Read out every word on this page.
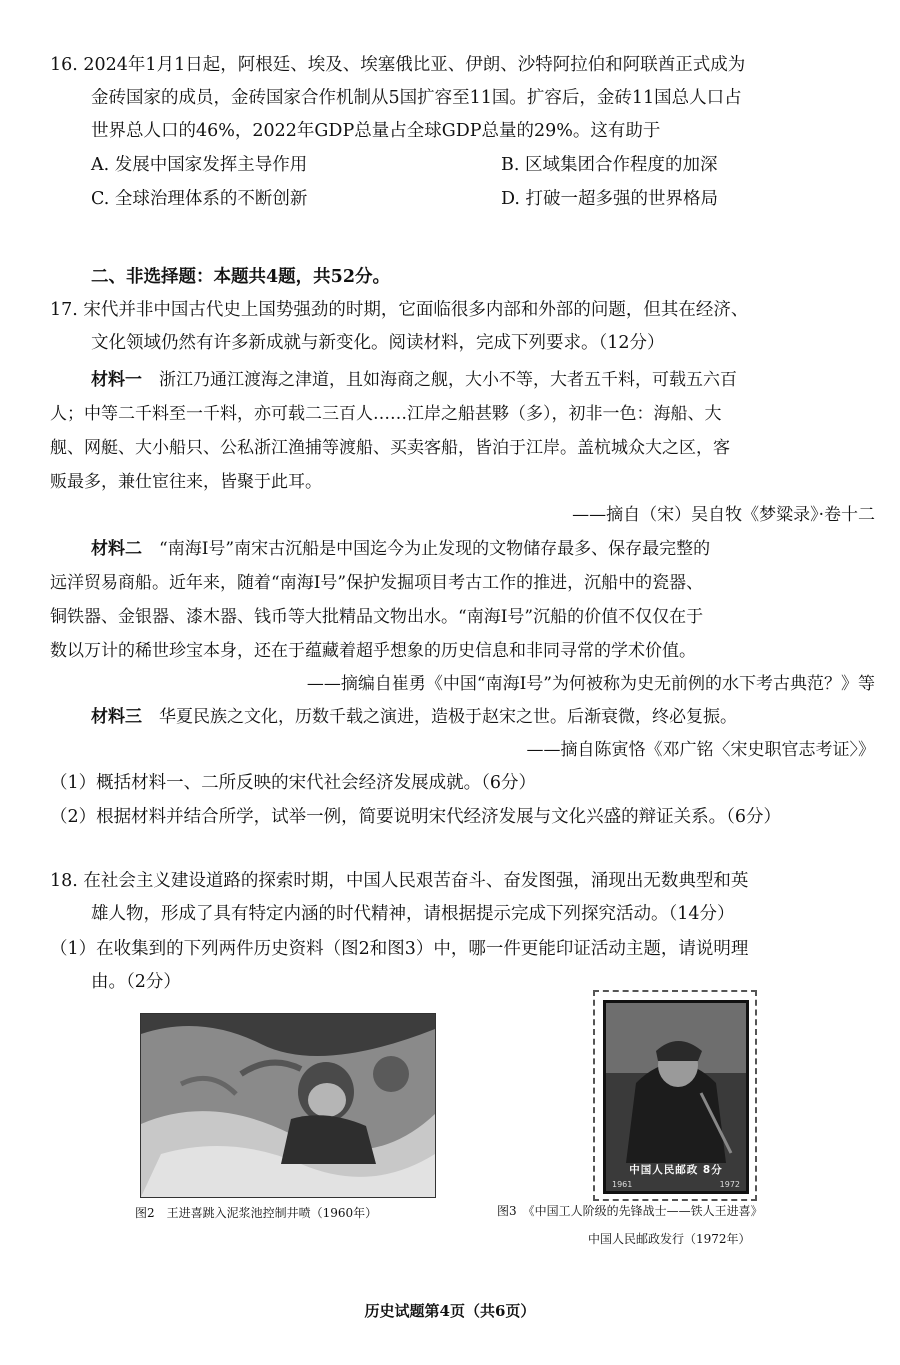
16. 2024年1月1日起，阿根廷、埃及、埃塞俄比亚、伊朗、沙特阿拉伯和阿联酋正式成为
金砖国家的成员，金砖国家合作机制从5国扩容至11国。扩容后，金砖11国总人口占
世界总人口的46%，2022年GDP总量占全球GDP总量的29%。这有助于
A. 发展中国家发挥主导作用	B. 区域集团合作程度的加深
C. 全球治理体系的不断创新	D. 打破一超多强的世界格局
二、非选择题：本题共4题，共52分。
17. 宋代并非中国古代史上国势强劲的时期，它面临很多内部和外部的问题，但其在经济、
文化领域仍然有许多新成就与新变化。阅读材料，完成下列要求。（12分）
材料一　 浙江乃通江渡海之津道，且如海商之舰，大小不等，大者五千料，可载五六百
人；中等二千料至一千料，亦可载二三百人……江岸之船甚夥（多），初非一色：海船、大
舰、网艇、大小船只、公私浙江渔捕等渡船、买卖客船，皆泊于江岸。盖杭城众大之区，客
贩最多，兼仕宦往来，皆聚于此耳。
——摘自（宋）吴自牧《梦粱录》·卷十二
材料二　 “南海Ⅰ号”南宋古沉船是中国迄今为止发现的文物储存最多、保存最完整的
远洋贸易商船。近年来，随着“南海Ⅰ号”保护发掘项目考古工作的推进，沉船中的瓷器、
铜铁器、金银器、漆木器、钱币等大批精品文物出水。“南海Ⅰ号”沉船的价值不仅仅在于
数以万计的稀世珍宝本身，还在于蕴藏着超乎想象的历史信息和非同寻常的学术价值。
——摘编自崔勇《中国“南海Ⅰ号”为何被称为史无前例的水下考古典范？》等
材料三　 华夏民族之文化，历数千载之演进，造极于赵宋之世。后渐衰微，终必复振。
——摘自陈寅恪《邓广铭〈宋史职官志考证〉》
（1）概括材料一、二所反映的宋代社会经济发展成就。（6分）
（2）根据材料并结合所学，试举一例，简要说明宋代经济发展与文化兴盛的辩证关系。（6分）
18. 在社会主义建设道路的探索时期，中国人民艰苦奋斗、奋发图强，涌现出无数典型和英
雄人物，形成了具有特定内涵的时代精神，请根据提示完成下列探究活动。（14分）
（1）在收集到的下列两件历史资料（图2和图3）中，哪一件更能印证活动主题，请说明理
由。（2分）
图2　王进喜跳入泥浆池控制井喷（1960年）
中国人民邮政 8分
1961	1972
图3　《中国工人阶级的先锋战士——铁人王进喜》
中国人民邮政发行（1972年）
历史试题第4页（共6页）
